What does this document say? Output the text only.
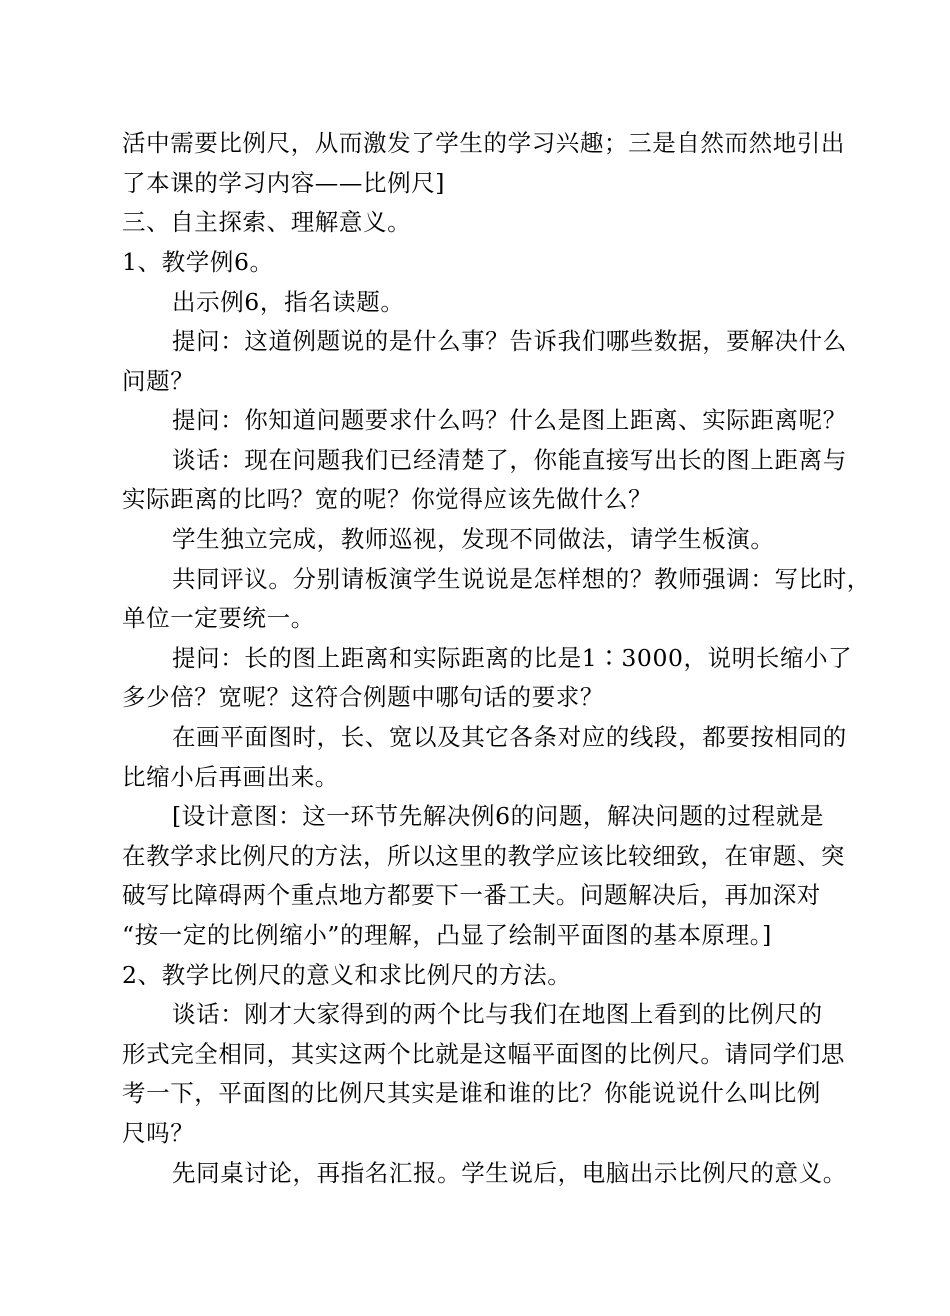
活中需要比例尺，从而激发了学生的学习兴趣；三是自然而然地引出
了本课的学习内容——比例尺]
三、自主探索、理解意义。
1、教学例6。
出示例6，指名读题。
提问：这道例题说的是什么事？告诉我们哪些数据，要解决什么
问题？
提问：你知道问题要求什么吗？什么是图上距离、实际距离呢？
谈话：现在问题我们已经清楚了，你能直接写出长的图上距离与
实际距离的比吗？宽的呢？你觉得应该先做什么？
学生独立完成，教师巡视，发现不同做法，请学生板演。
共同评议。分别请板演学生说说是怎样想的？教师强调：写比时，
单位一定要统一。
提问：长的图上距离和实际距离的比是1∶3000，说明长缩小了
多少倍？宽呢？这符合例题中哪句话的要求？
在画平面图时，长、宽以及其它各条对应的线段，都要按相同的
比缩小后再画出来。
[设计意图：这一环节先解决例6的问题，解决问题的过程就是
在教学求比例尺的方法，所以这里的教学应该比较细致，在审题、突
破写比障碍两个重点地方都要下一番工夫。问题解决后，再加深对
“按一定的比例缩小”的理解，凸显了绘制平面图的基本原理。]
2、教学比例尺的意义和求比例尺的方法。
谈话：刚才大家得到的两个比与我们在地图上看到的比例尺的
形式完全相同，其实这两个比就是这幅平面图的比例尺。请同学们思
考一下，平面图的比例尺其实是谁和谁的比？你能说说什么叫比例
尺吗？
先同桌讨论，再指名汇报。学生说后，电脑出示比例尺的意义。
